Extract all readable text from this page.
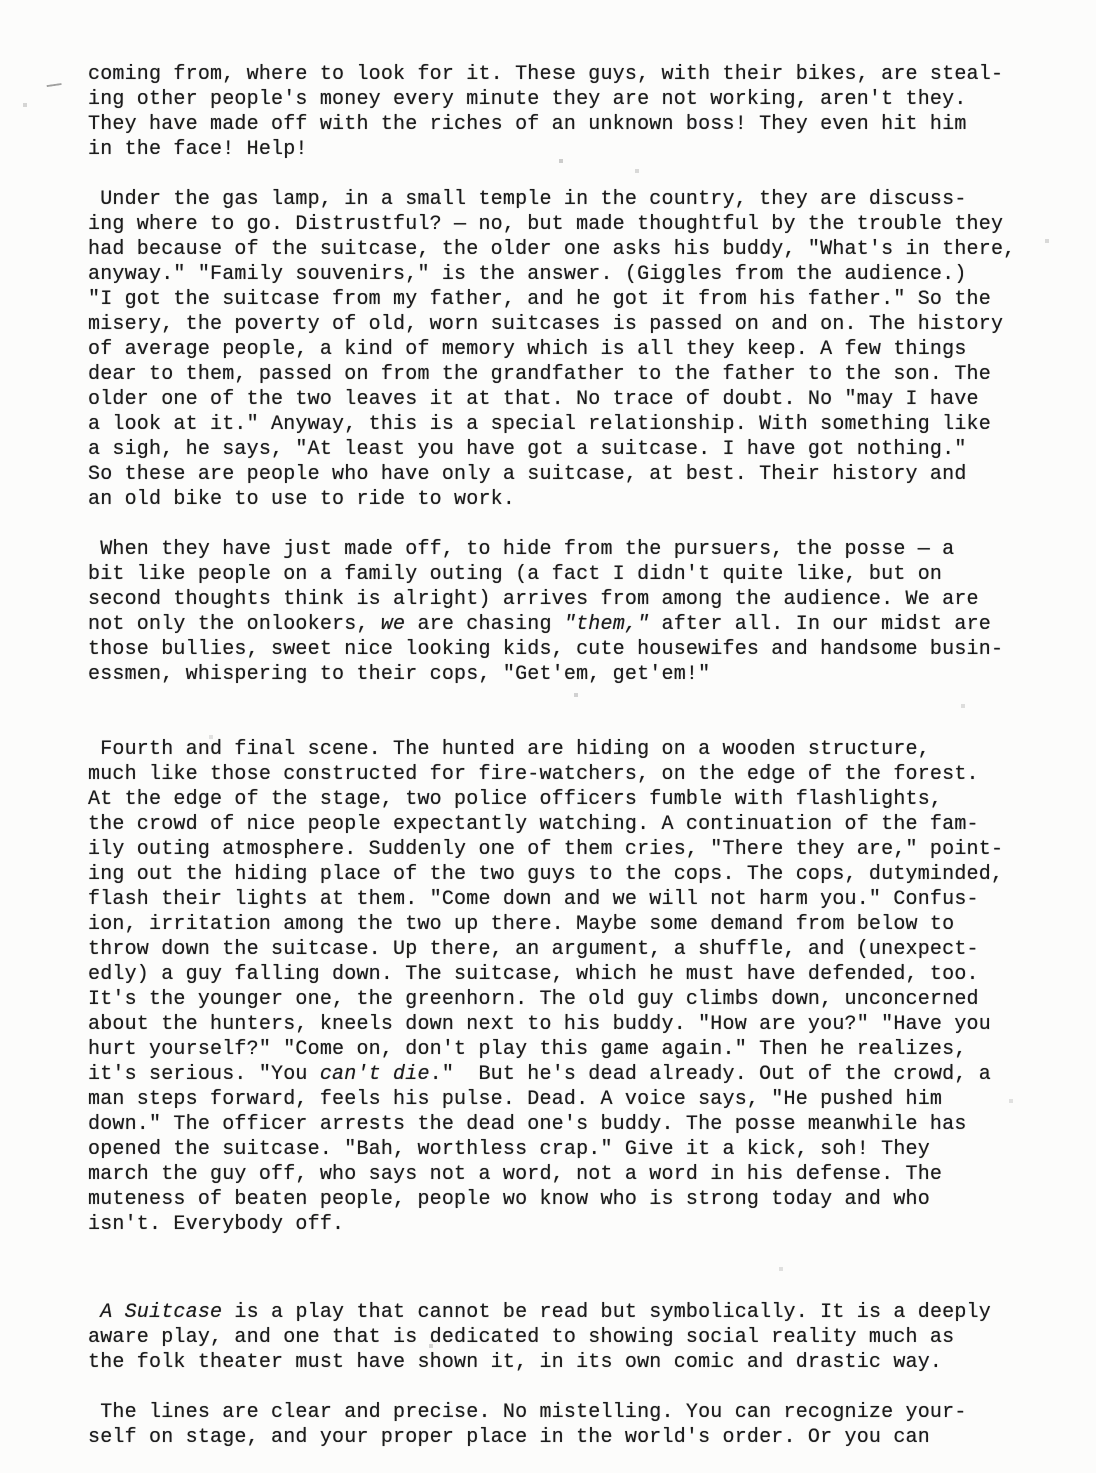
coming from, where to look for it. These guys, with their bikes, are steal-
ing other people's money every minute they are not working, aren't they.
They have made off with the riches of an unknown boss! They even hit him
in the face! Help!
Under the gas lamp, in a small temple in the country, they are discuss-
ing where to go. Distrustful? — no, but made thoughtful by the trouble they
had because of the suitcase, the older one asks his buddy, "What's in there,
anyway." "Family souvenirs," is the answer. (Giggles from the audience.)
"I got the suitcase from my father, and he got it from his father." So the
misery, the poverty of old, worn suitcases is passed on and on. The history
of average people, a kind of memory which is all they keep. A few things
dear to them, passed on from the grandfather to the father to the son. The
older one of the two leaves it at that. No trace of doubt. No "may I have
a look at it." Anyway, this is a special relationship. With something like
a sigh, he says, "At least you have got a suitcase. I have got nothing."
So these are people who have only a suitcase, at best. Their history and
an old bike to use to ride to work.
When they have just made off, to hide from the pursuers, the posse — a
bit like people on a family outing (a fact I didn't quite like, but on
second thoughts think is alright) arrives from among the audience. We are
not only the onlookers, we are chasing "them," after all. In our midst are
those bullies, sweet nice looking kids, cute housewifes and handsome busin-
essmen, whispering to their cops, "Get'em, get'em!"
Fourth and final scene. The hunted are hiding on a wooden structure,
much like those constructed for fire-watchers, on the edge of the forest.
At the edge of the stage, two police officers fumble with flashlights,
the crowd of nice people expectantly watching. A continuation of the fam-
ily outing atmosphere. Suddenly one of them cries, "There they are," point-
ing out the hiding place of the two guys to the cops. The cops, dutyminded,
flash their lights at them. "Come down and we will not harm you." Confus-
ion, irritation among the two up there. Maybe some demand from below to
throw down the suitcase. Up there, an argument, a shuffle, and (unexpect-
edly) a guy falling down. The suitcase, which he must have defended, too.
It's the younger one, the greenhorn. The old guy climbs down, unconcerned
about the hunters, kneels down next to his buddy. "How are you?" "Have you
hurt yourself?" "Come on, don't play this game again." Then he realizes,
it's serious. "You can't die."  But he's dead already. Out of the crowd, a
man steps forward, feels his pulse. Dead. A voice says, "He pushed him
down." The officer arrests the dead one's buddy. The posse meanwhile has
opened the suitcase. "Bah, worthless crap." Give it a kick, soh! They
march the guy off, who says not a word, not a word in his defense. The
muteness of beaten people, people wo know who is strong today and who
isn't. Everybody off.
A Suitcase is a play that cannot be read but symbolically. It is a deeply
aware play, and one that is dedicated to showing social reality much as
the folk theater must have shown it, in its own comic and drastic way.
The lines are clear and precise. No mistelling. You can recognize your-
self on stage, and your proper place in the world's order. Or you can
